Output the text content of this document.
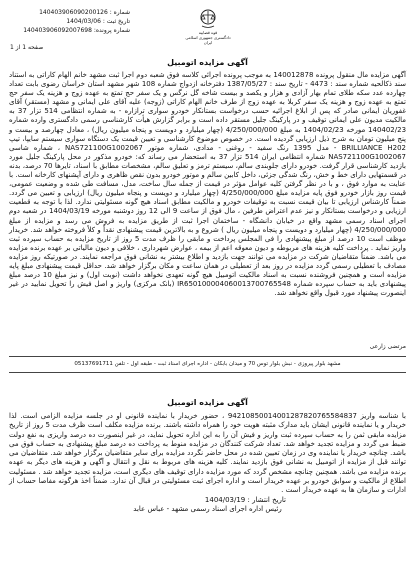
شماره : 140403906090200126
تاریخ ثبت : 1404/03/06
شماره پرونده: 140403906092007698	قوه قضاییه
دادگستری جمهوری اسلامی ایران
صفحه 1 از 1
آگهی مزایده اتومبیل
آگهی مزایده مال منقول پرونده 140012878 به موجب پرونده اجرائی کلاسه فوق شعبه دوم اجرا ثبت مشهد خانم الهام کاراتی به استناد سند ذکالحیه شماره سند : 4473 - تاریخ سند : 1387/05/27 دفترخانه ازدواج شماره 108 شهر مشهد استان خراسان رضوی بابت تعداد چهارده عدد سکه طلای تمام بهار آزادی و هزار و یکصد و بیست شاخه گل نرگس و یک سفر حج تمتع به عهده زوج و هزینه یک سفر حج تمتع به عهده زوج و هزینه یک سفر کربلا به عهده زوج از طرف خانم الهام کاراتی (زوجه) علیه آقای علی ایمانی و مشهد (مستقر) آقای غفوریان ایمانی صادر که پس از ابلاغ اجرائیه حسب درخواست بستانکار خودرو سواری ترازاره - به شماره انتظامی 514 تزار 37 به مالکیت مدیون علی ایمانی توقیف و در پارکینگ جلیل مستقر داده است و برابر گزارش هیأت کارشناسی رسمی دادگستری وارده شماره 140402/23 مورخه 1404/02/23 به مبلغ 4/250/000/000 (چهار میلیارد و دویست و پنجاه میلیون ریال) ، معادل چهارصد و بیست و پنج میلیون تومان به شرح ذیل ارزیابی گردیده است. در خصوص موضوع کارشناسی و تعیین قیمت یک دستگاه سواری سیستم سایپا، تیپ BRILLIANCE H202 - مدل 1395 رنگ سفید - روغنی - مدادی، شماره موتور NAS721100G1002067 ، شماره شاسی NAS721100G1002067 شماره انتظامی ایران 514 تزار 37 به استحضار می رساند که: خودرو مذکور در محل پارکینگ جلیل مورد بازدید کارشناسی قرار گرفت. خودرو دارای جلوبندی سالم، سیستم ترمز و تعلیق سالم، مشخصات مطابق با اسناد، تایرها 70 درصد، بدنه در قسمتهایی دارای خط و خش، رنگ شدگی جزئی، داخل کابین سالم و موتور خودرو بدون نقص ظاهری و دارای آپشنهای کارخانه است. با عنایت به موارد فوق ، و با در نظر گرفتن کلیه عوامل مؤثر در قیمت از جمله سال ساخت، مدل، مسافت طی شده و وضعیت عمومی، قیمت روز بازار خودرو فوق پایه مزایده مبلغ 4/250/000/000 (چهار میلیارد و دویست و پنجاه میلیون ریال) ارزیابی و تعیین می گردد. ضمناً کارشناس ارزیابی تا بیان قیمت نسبت به توقیفات خودرو و مالکیت مطابق اسناد هیچ گونه مسئولیتی ندارد. لذا با توجه به قطعیت ارزیابی و درخواست بستانکار و نیز عدم اعتراض طرفین ، مال فوق از ساعت 9 الی 12 روز دوشنبه مورخه 1404/03/19 در شعبه دوم اجرای اسناد رسمی مشهد واقع در خیابان دانشگاه - ساختمان اجرا ثبت از طریق مزایده به فروش می رسد و مزایده از مبلغ 4/250/000/000 (چهار میلیارد و دویست و پنجاه میلیون ریال ) شروع و به بالاترین قیمت پیشنهادی نقداً و کلاً فروخته خواهد شد. خریدار موظف است 10 درصد از مبلغ پیشنهادی را فی المجلس پرداخت و مابقی را ظرف مدت 5 روز از تاریخ مزایده به حساب سپرده ثبت واریز نماید . پرداخت کلیه هزینه های مربوطه و دیون معوقه اعم از بیمه ، عوارض شهرداری ، خلافی و دیون مالیاتی بر عهده برنده مزایده می باشد. ضمناً متقاضیان شرکت در مزایده می توانند جهت بازدید و اطلاع بیشتر به نشانی فوق مراجعه نمایند. در صورتیکه روز مزایده مصادف با تعطیلی رسمی گردد مزایده در روز بعد از تعطیلی در همان ساعت و مکان برگزار خواهد شد. حداقل قیمت پیشنهادی مبلغ پایه مزایده است و همچنین فروشنده نسبت به اسناد مالکیت اتومبیل هیچ گونه تعهدی نخواهد داشت (نوبت اول) و نیز مبلغ 10 درصد مبلغ پیشنهادی باید به حساب سپرده شماره IR650100004060013700765548 (بانک مرکزی) واریز و اصل فیش را تحویل نمایید در غیر اینصورت پیشنهاد مورد قبول واقع نخواهد شد.
مرتضی زارعی
مشهد بلوار پیروزی - نبش بلوار توس 70 و میدان بابکان - اداره اجرای اسناد ثبت - طبقه اول - تلفن 05137691711
آگهی مزایده اتومبیل
با شناسه واریز 94210850014001287820765584837 ، حضور خریدار با نماینده قانونی او در جلسه مزایده الزامی است. لذا خریدار و یا نماینده قانونی ایشان باید مدارک مثبته هویت خود را همراه داشته باشند. برنده مزایده مکلف است ظرف مدت 5 روز از تاریخ مزایده مابقی ثمن را به حساب سپرده ثبت واریز و فیش آن را به این اداره تحویل نماید، در غیر اینصورت ده درصد واریزی به نفع دولت ضبط می گردد و مزایده تجدید خواهد شد. تعداد شرکت کنندگان در مزایده منوط به پرداخت ده درصد مبلغ پیشنهادی به حساب فوق می باشد. چنانچه خریدار یا نماینده وی در زمان تعیین شده در محل حاضر نگردد مزایده برای سایر متقاضیان برگزار خواهد شد. متقاضیان می توانند قبل از مزایده از اتومبیل به نشانی فوق بازدید نمایند. کلیه هزینه های مربوط به نقل و انتقال و آگهی و هزینه های دیگر به عهده برنده مزایده می باشد. همچنین چنانچه مشخص گردد که مورد مزایده دارای توقیف های دیگری است، مزایده تجدید خواهد شد . مسئولیت اطلاع از مالکیت و سوابق خودرو بر عهده خریدار است و اداره اجرای ثبت مسئولیتی در قبال آن ندارد. ضمناً اخذ هرگونه مفاصا حساب از ادارات و سازمان ها به عهده خریدار است .
تاریخ انتشار : 1404/03/19
رئیس اداره اجرای اسناد رسمی مشهد - عباس عابد
